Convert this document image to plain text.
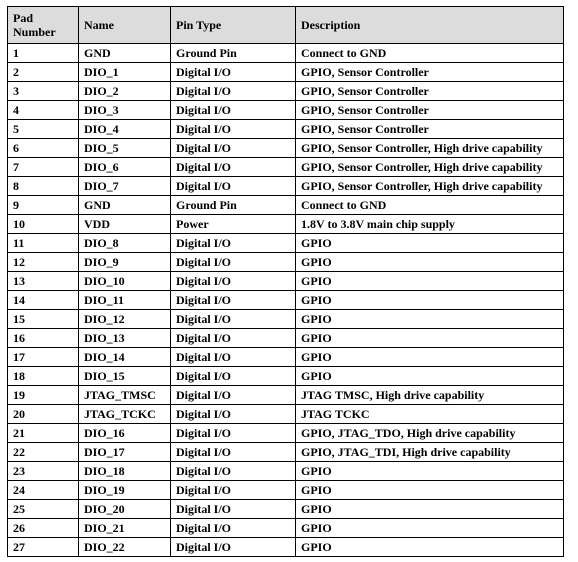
Pad Number	Name	Pin Type	Description
1	GND	Ground Pin	Connect to GND
2	DIO_1	Digital I/O	GPIO, Sensor Controller
3	DIO_2	Digital I/O	GPIO, Sensor Controller
4	DIO_3	Digital I/O	GPIO, Sensor Controller
5	DIO_4	Digital I/O	GPIO, Sensor Controller
6	DIO_5	Digital I/O	GPIO, Sensor Controller, High drive capability
7	DIO_6	Digital I/O	GPIO, Sensor Controller, High drive capability
8	DIO_7	Digital I/O	GPIO, Sensor Controller, High drive capability
9	GND	Ground Pin	Connect to GND
10	VDD	Power	1.8V to 3.8V main chip supply
11	DIO_8	Digital I/O	GPIO
12	DIO_9	Digital I/O	GPIO
13	DIO_10	Digital I/O	GPIO
14	DIO_11	Digital I/O	GPIO
15	DIO_12	Digital I/O	GPIO
16	DIO_13	Digital I/O	GPIO
17	DIO_14	Digital I/O	GPIO
18	DIO_15	Digital I/O	GPIO
19	JTAG_TMSC	Digital I/O	JTAG TMSC, High drive capability
20	JTAG_TCKC	Digital I/O	JTAG TCKC
21	DIO_16	Digital I/O	GPIO, JTAG_TDO, High drive capability
22	DIO_17	Digital I/O	GPIO, JTAG_TDI, High drive capability
23	DIO_18	Digital I/O	GPIO
24	DIO_19	Digital I/O	GPIO
25	DIO_20	Digital I/O	GPIO
26	DIO_21	Digital I/O	GPIO
27	DIO_22	Digital I/O	GPIO
